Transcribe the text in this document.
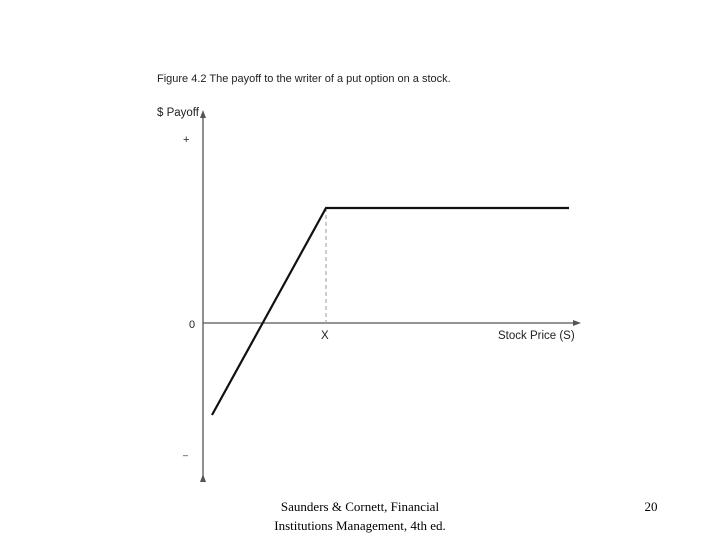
Figure 4.2 The payoff to the writer of a put option on a stock.
$ Payoff
+
0
–
X	Stock Price (S)
Saunders & Cornett, Financial
Institutions Management, 4th ed.
20
